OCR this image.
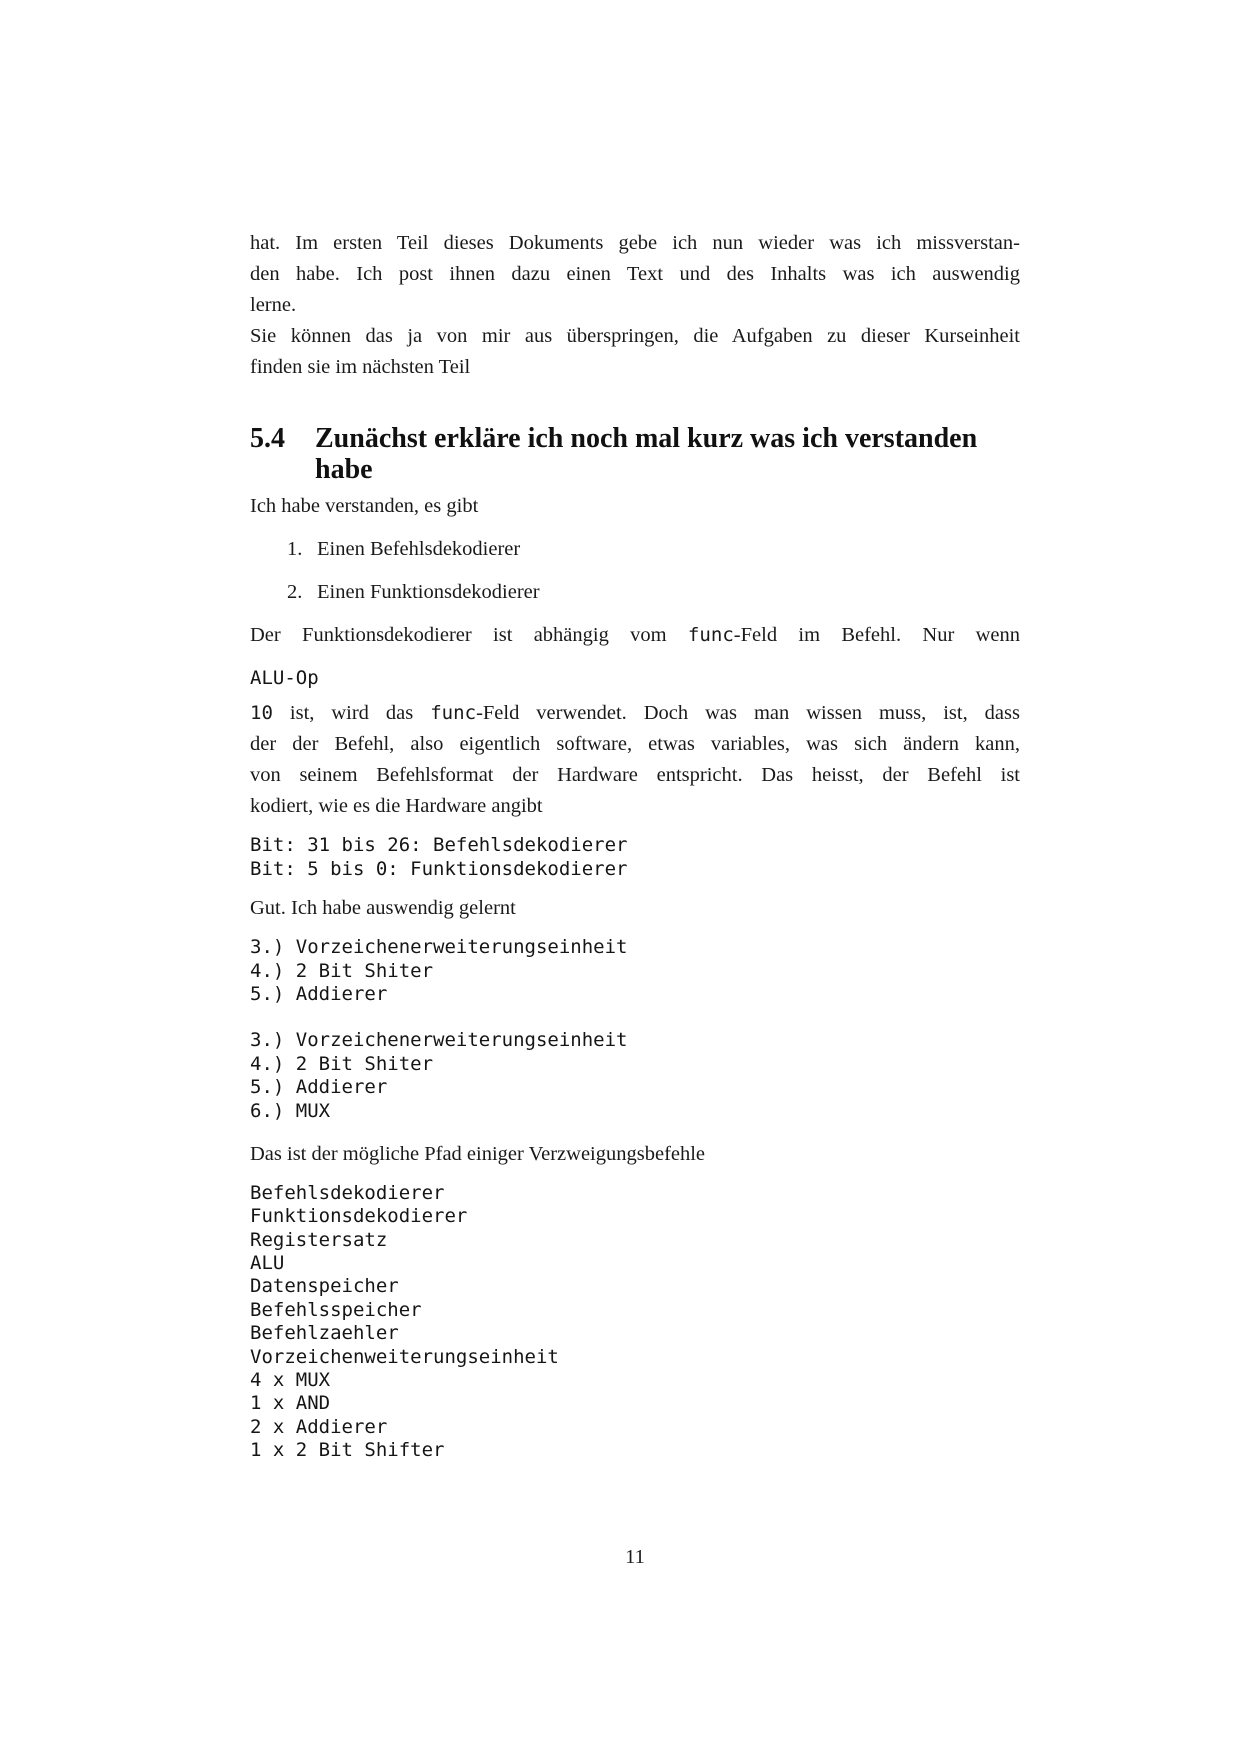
hat. Im ersten Teil dieses Dokuments gebe ich nun wieder was ich missverstan-
den habe. Ich post ihnen dazu einen Text und des Inhalts was ich auswendig
lerne.
Sie können das ja von mir aus überspringen, die Aufgaben zu dieser Kurseinheit
finden sie im nächsten Teil
5.4	Zunächst erkläre ich noch mal kurz was ich verstanden
habe
Ich habe verstanden, es gibt
1. Einen Befehlsdekodierer
2. Einen Funktionsdekodierer
Der Funktionsdekodierer ist abhängig vom func-Feld im Befehl. Nur wenn
ALU-Op
10 ist, wird das func-Feld verwendet. Doch was man wissen muss, ist, dass
der der Befehl, also eigentlich software, etwas variables, was sich ändern kann,
von seinem Befehlsformat der Hardware entspricht. Das heisst, der Befehl ist
kodiert, wie es die Hardware angibt
Bit: 31 bis 26: Befehlsdekodierer
Bit: 5 bis 0: Funktionsdekodierer
Gut. Ich habe auswendig gelernt
3.) Vorzeichenerweiterungseinheit
4.) 2 Bit Shiter
5.) Addierer
3.) Vorzeichenerweiterungseinheit
4.) 2 Bit Shiter
5.) Addierer
6.) MUX
Das ist der mögliche Pfad einiger Verzweigungsbefehle
Befehlsdekodierer
Funktionsdekodierer
Registersatz
ALU
Datenspeicher
Befehlsspeicher
Befehlzaehler
Vorzeichenweiterungseinheit
4 x MUX
1 x AND
2 x Addierer
1 x 2 Bit Shifter
11
